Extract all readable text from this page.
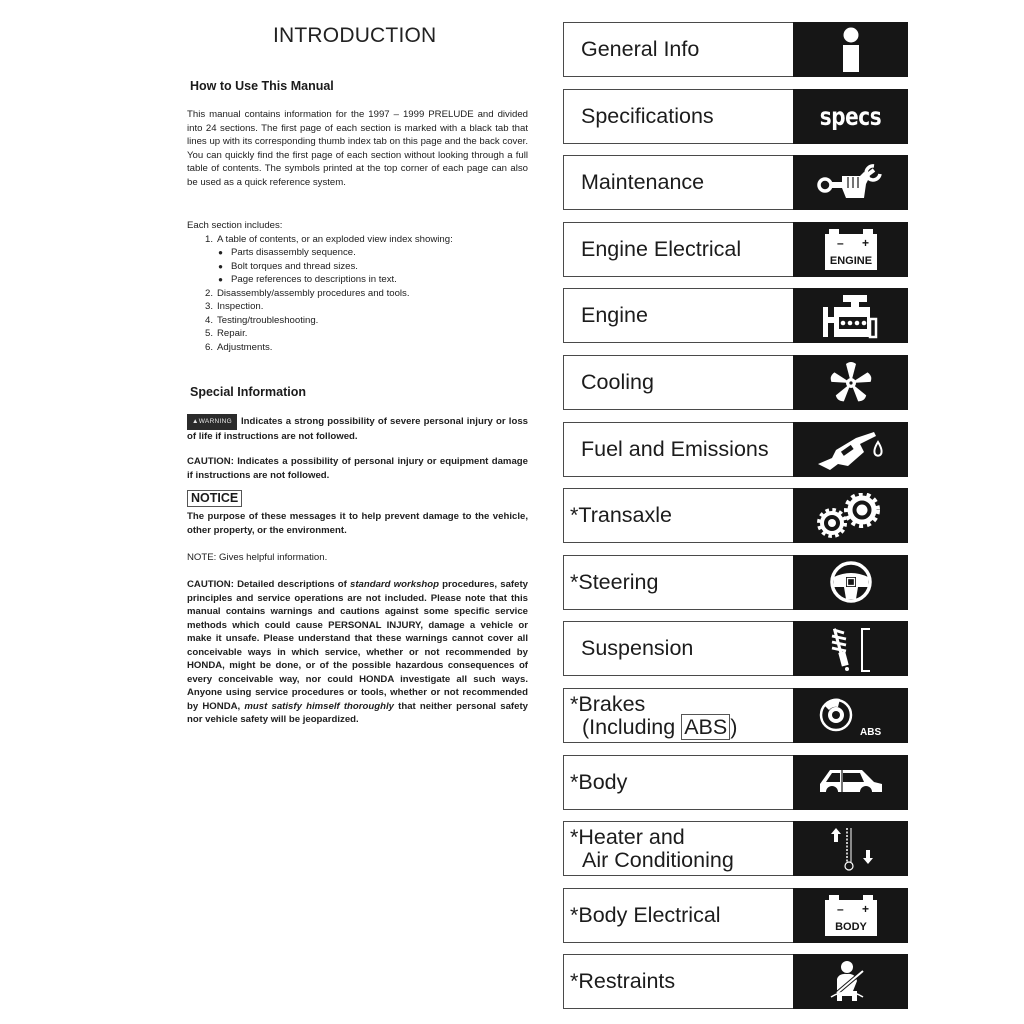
INTRODUCTION
How to Use This Manual
This manual contains information for the 1997 – 1999 PRELUDE and divided into 24 sections. The first page of each section is marked with a black tab that lines up with its corresponding thumb index tab on this page and the back cover. You can quickly find the first page of each section without looking through a full table of contents. The symbols printed at the top corner of each page can also be used as a quick reference system.
Each section includes:
1. A table of contents, or an exploded view index showing:
● Parts disassembly sequence.
● Bolt torques and thread sizes.
● Page references to descriptions in text.
2. Disassembly/assembly procedures and tools.
3. Inspection.
4. Testing/troubleshooting.
5. Repair.
6. Adjustments.
Special Information
▲WARNING Indicates a strong possibility of severe personal injury or loss of life if instructions are not followed.
CAUTION: Indicates a possibility of personal injury or equipment damage if instructions are not followed.
NOTICE
The purpose of these messages it to help prevent damage to the vehicle, other property, or the environment.
NOTE: Gives helpful information.
CAUTION: Detailed descriptions of standard workshop procedures, safety principles and service operations are not included. Please note that this manual contains warnings and cautions against some specific service methods which could cause PERSONAL INJURY, damage a vehicle or make it unsafe. Please understand that these warnings cannot cover all conceivable ways in which service, whether or not recommended by HONDA, might be done, or of the possible hazardous consequences of every conceivable way, nor could HONDA investigate all such ways. Anyone using service procedures or tools, whether or not recommended by HONDA, must satisfy himself thoroughly that neither personal safety nor vehicle safety will be jeopardized.
General Info
Specifications	specs
Maintenance
Engine Electrical	– +
ENGINE
Engine
Cooling
Fuel and Emissions
*Transaxle
*Steering
Suspension
*Brakes
(Including ABS )	ABS
*Body
*Heater and
Air Conditioning
*Body Electrical	– +
BODY
*Restraints
